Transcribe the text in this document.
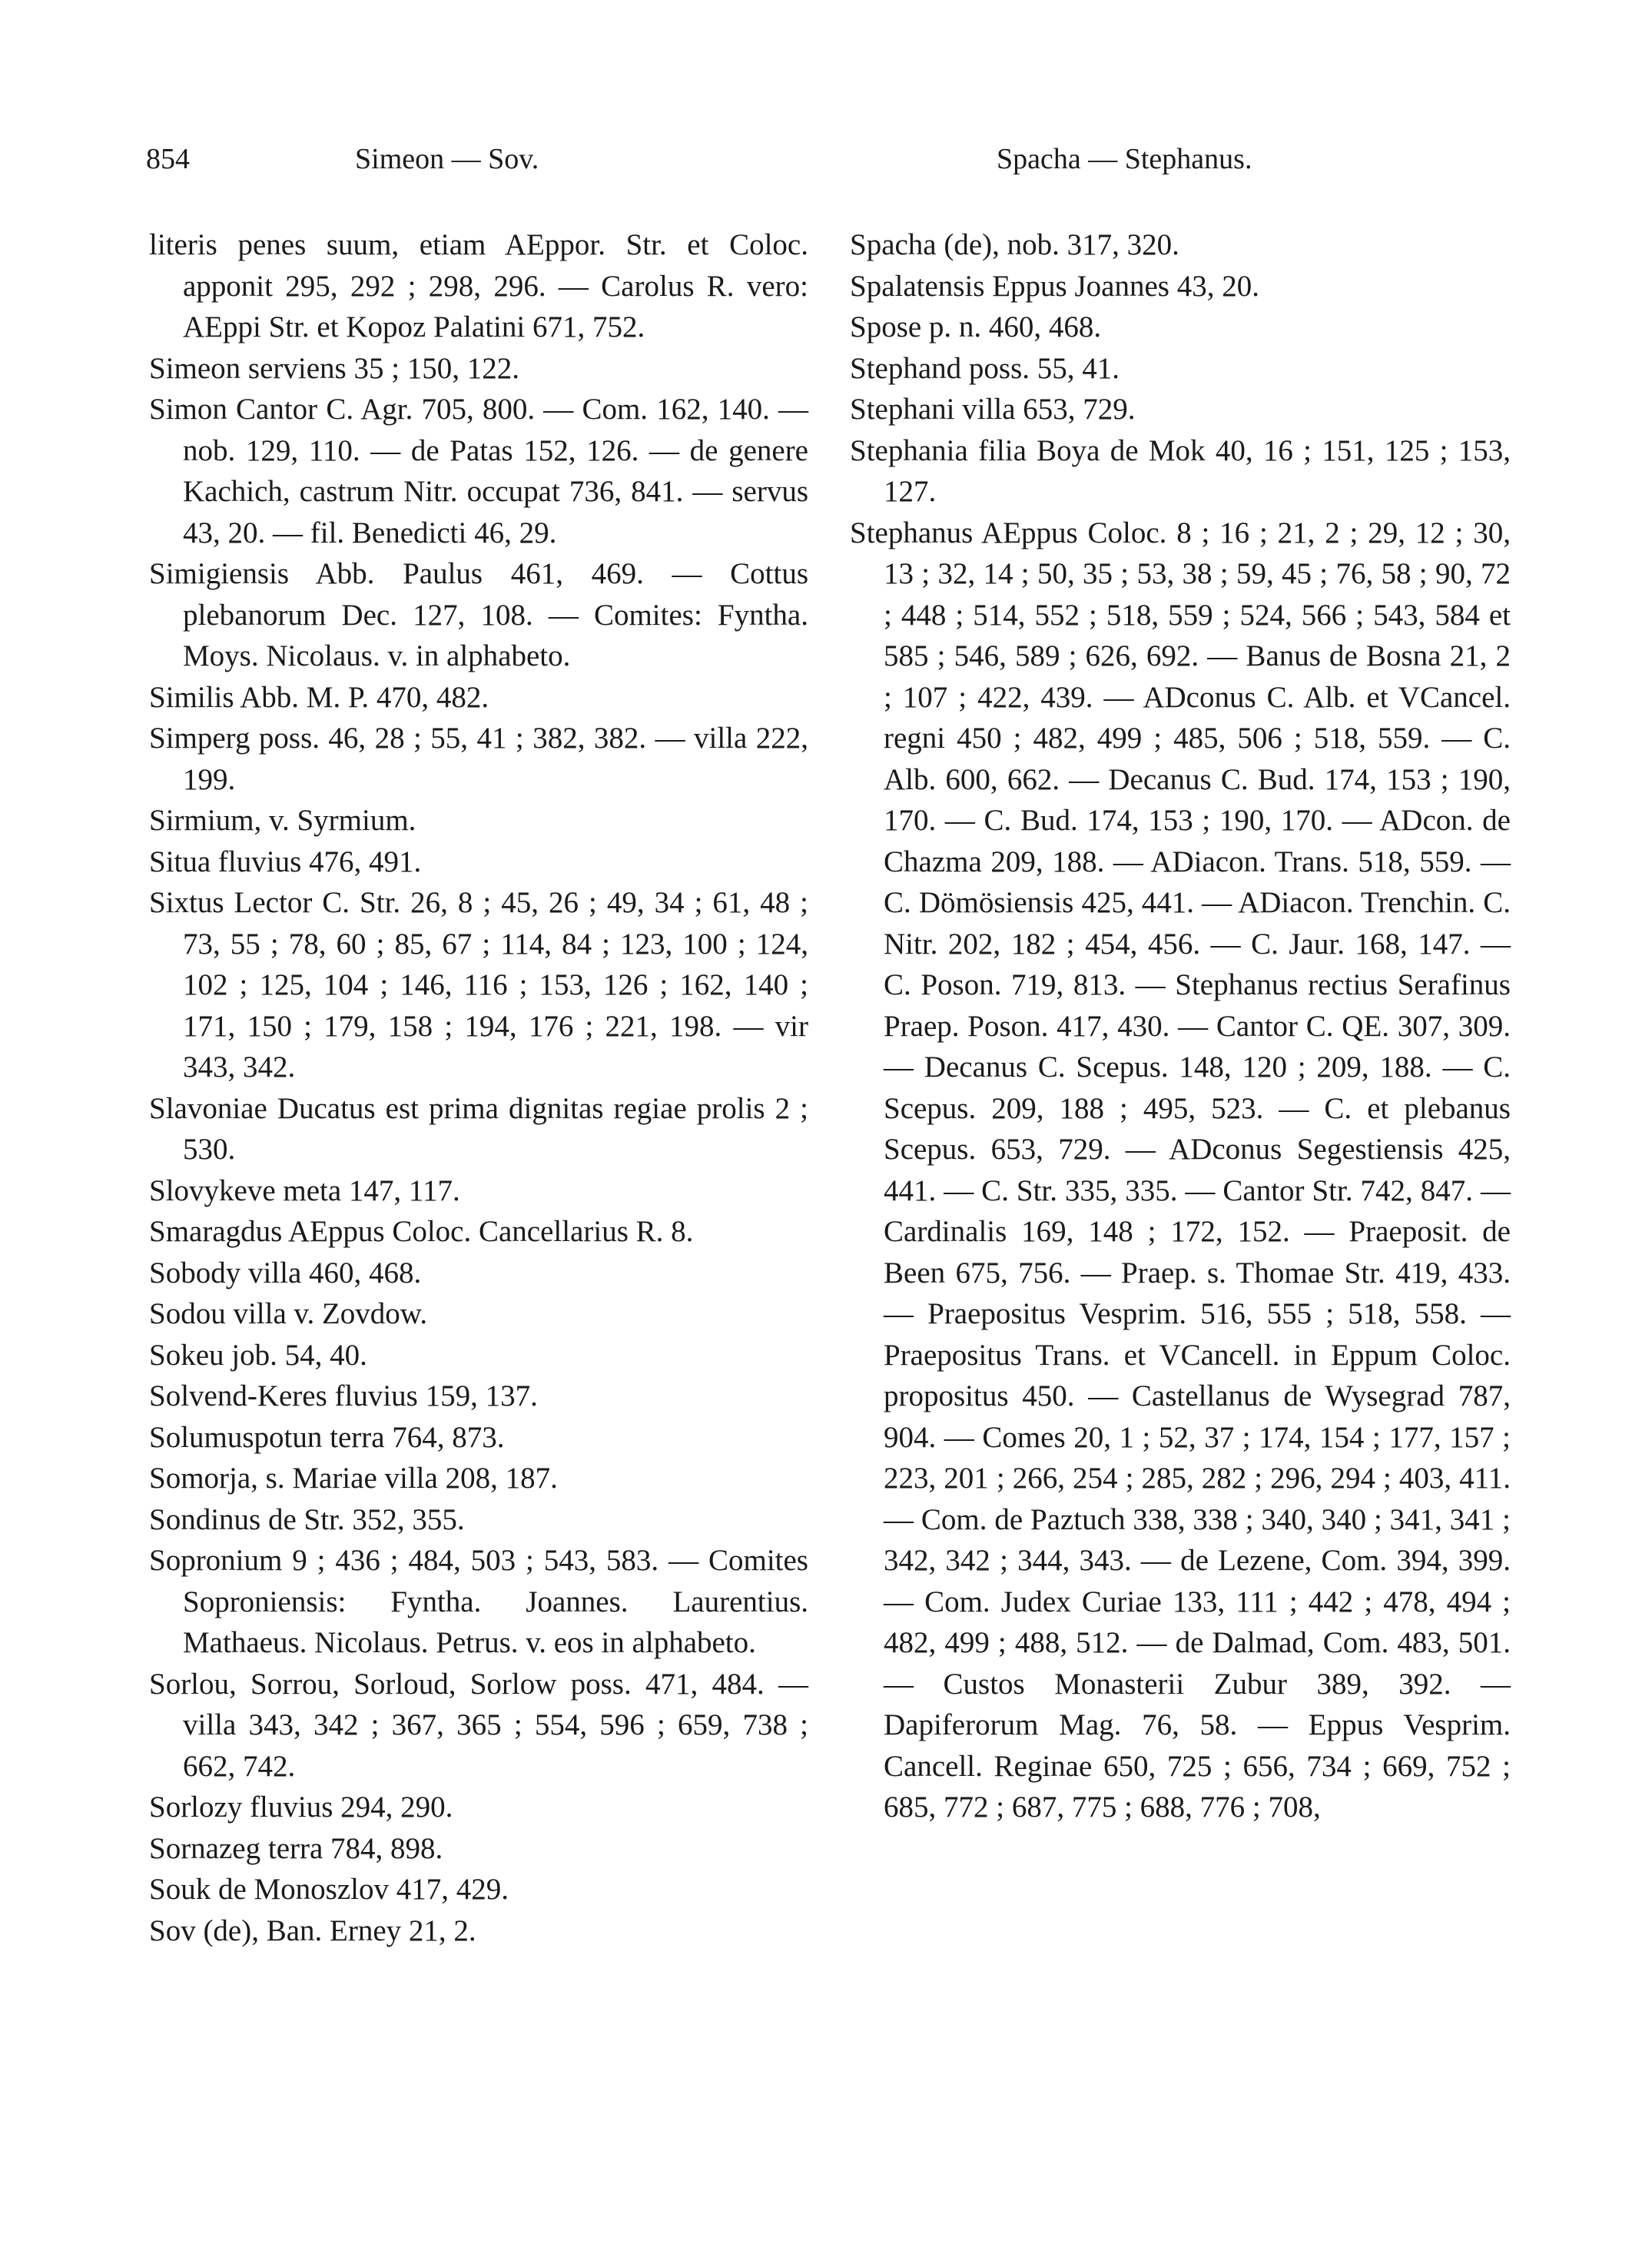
854	Simeon — Sov.	Spacha — Stephanus.

literis penes suum, etiam AEppor. Str. et Coloc. apponit 295, 292 ; 298, 296. — Carolus R. vero: AEppi Str. et Kopoz Palatini 671, 752.

Simeon serviens 35 ; 150, 122.

Simon Cantor C. Agr. 705, 800. — Com. 162, 140. — nob. 129, 110. — de Patas 152, 126. — de genere Kachich, castrum Nitr. occupat 736, 841. — servus 43, 20. — fil. Benedicti 46, 29.

Simigiensis Abb. Paulus 461, 469. — Cottus plebanorum Dec. 127, 108. — Comites: Fyntha. Moys. Nicolaus. v. in alphabeto.

Similis Abb. M. P. 470, 482.

Simperg poss. 46, 28 ; 55, 41 ; 382, 382. — villa 222, 199.

Sirmium, v. Syrmium.

Situa fluvius 476, 491.

Sixtus Lector C. Str. 26, 8 ; 45, 26 ; 49, 34 ; 61, 48 ; 73, 55 ; 78, 60 ; 85, 67 ; 114, 84 ; 123, 100 ; 124, 102 ; 125, 104 ; 146, 116 ; 153, 126 ; 162, 140 ; 171, 150 ; 179, 158 ; 194, 176 ; 221, 198. — vir 343, 342.

Slavoniae Ducatus est prima dignitas regiae prolis 2 ; 530.

Slovykeve meta 147, 117.

Smaragdus AEppus Coloc. Cancellarius R. 8.

Sobody villa 460, 468.

Sodou villa v. Zovdow.

Sokeu job. 54, 40.

Solvend-Keres fluvius 159, 137.

Solumuspotun terra 764, 873.

Somorja, s. Mariae villa 208, 187.

Sondinus de Str. 352, 355.

Sopronium 9 ; 436 ; 484, 503 ; 543, 583. — Comites Soproniensis: Fyntha. Joannes. Laurentius. Mathaeus. Nicolaus. Petrus. v. eos in alphabeto.

Sorlou, Sorrou, Sorloud, Sorlow poss. 471, 484. — villa 343, 342 ; 367, 365 ; 554, 596 ; 659, 738 ; 662, 742.

Sorlozy fluvius 294, 290.

Sornazeg terra 784, 898.

Souk de Monoszlov 417, 429.

Sov (de), Ban. Erney 21, 2.

Spacha (de), nob. 317, 320.

Spalatensis Eppus Joannes 43, 20.

Spose p. n. 460, 468.

Stephand poss. 55, 41.

Stephani villa 653, 729.

Stephania filia Boya de Mok 40, 16 ; 151, 125 ; 153, 127.

Stephanus AEppus Coloc. 8 ; 16 ; 21, 2 ; 29, 12 ; 30, 13 ; 32, 14 ; 50, 35 ; 53, 38 ; 59, 45 ; 76, 58 ; 90, 72 ; 448 ; 514, 552 ; 518, 559 ; 524, 566 ; 543, 584 et 585 ; 546, 589 ; 626, 692. — Banus de Bosna 21, 2 ; 107 ; 422, 439. — ADconus C. Alb. et VCancel. regni 450 ; 482, 499 ; 485, 506 ; 518, 559. — C. Alb. 600, 662. — Decanus C. Bud. 174, 153 ; 190, 170. — C. Bud. 174, 153 ; 190, 170. — ADcon. de Chazma 209, 188. — ADiacon. Trans. 518, 559. — C. Dömösiensis 425, 441. — ADiacon. Trenchin. C. Nitr. 202, 182 ; 454, 456. — C. Jaur. 168, 147. — C. Poson. 719, 813. — Stephanus rectius Serafinus Praep. Poson. 417, 430. — Cantor C. QE. 307, 309. — Decanus C. Scepus. 148, 120 ; 209, 188. — C. Scepus. 209, 188 ; 495, 523. — C. et plebanus Scepus. 653, 729. — ADconus Segestiensis 425, 441. — C. Str. 335, 335. — Cantor Str. 742, 847. — Cardinalis 169, 148 ; 172, 152. — Praeposit. de Been 675, 756. — Praep. s. Thomae Str. 419, 433. — Praepositus Vesprim. 516, 555 ; 518, 558. — Praepositus Trans. et VCancell. in Eppum Coloc. propositus 450. — Castellanus de Wysegrad 787, 904. — Comes 20, 1 ; 52, 37 ; 174, 154 ; 177, 157 ; 223, 201 ; 266, 254 ; 285, 282 ; 296, 294 ; 403, 411. — Com. de Paztuch 338, 338 ; 340, 340 ; 341, 341 ; 342, 342 ; 344, 343. — de Lezene, Com. 394, 399. — Com. Judex Curiae 133, 111 ; 442 ; 478, 494 ; 482, 499 ; 488, 512. — de Dalmad, Com. 483, 501. — Custos Monasterii Zubur 389, 392. — Dapiferorum Mag. 76, 58. — Eppus Vesprim. Cancell. Reginae 650, 725 ; 656, 734 ; 669, 752 ; 685, 772 ; 687, 775 ; 688, 776 ; 708,
